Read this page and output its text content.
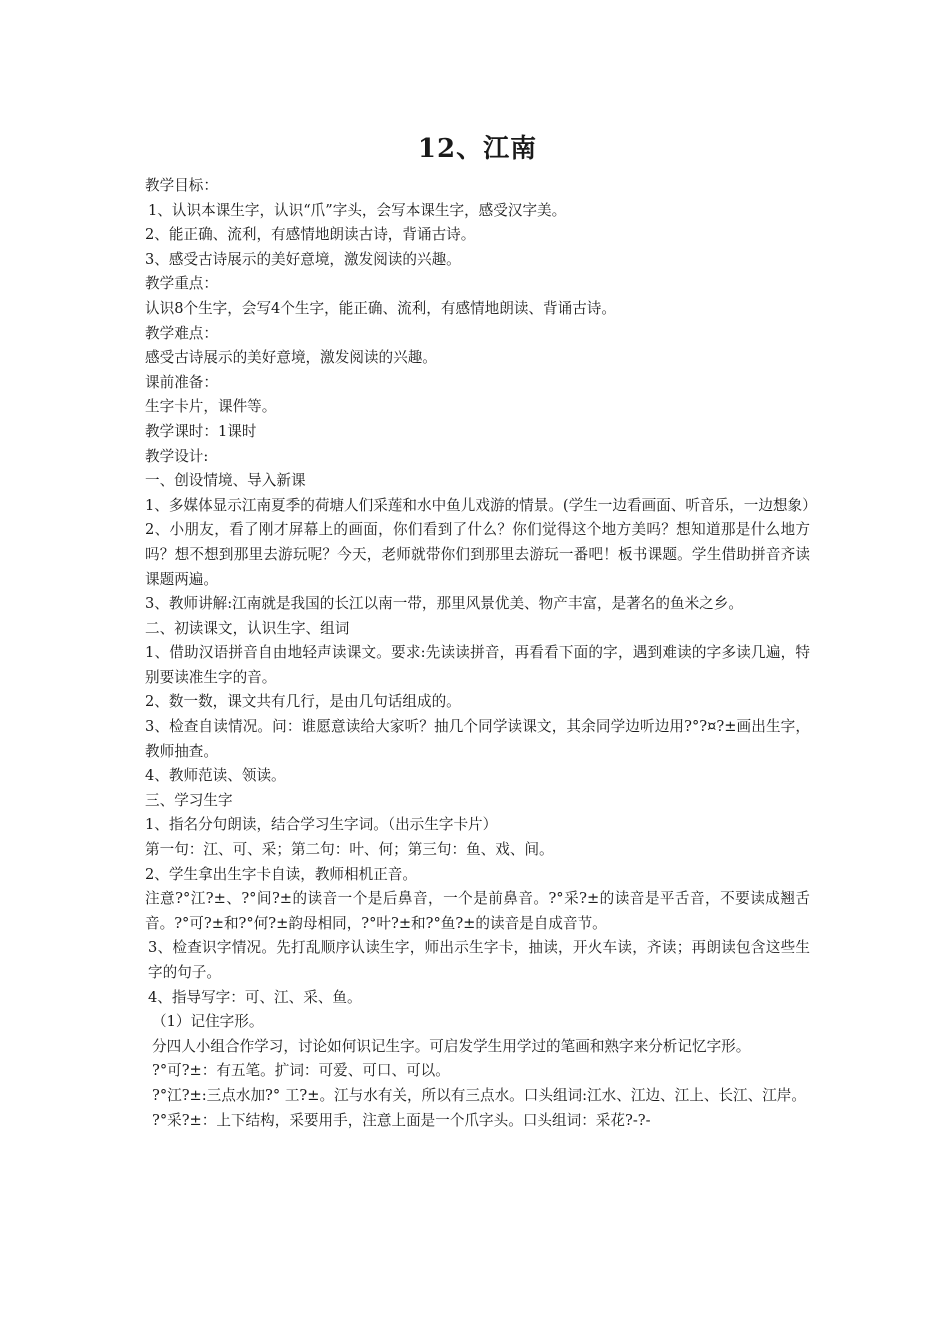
12、江南

教学目标：

1、认识本课生字，认识“爪”字头，会写本课生字，感受汉字美。

2、能正确、流利，有感情地朗读古诗，背诵古诗。

3、感受古诗展示的美好意境，激发阅读的兴趣。

教学重点：

认识8个生字，会写4个生字，能正确、流利，有感情地朗读、背诵古诗。

教学难点：

感受古诗展示的美好意境，激发阅读的兴趣。

课前准备：

生字卡片，课件等。

教学课时：1课时

教学设计:

一、创设情境、导入新课

1、多媒体显示江南夏季的荷塘人们采莲和水中鱼儿戏游的情景。(学生一边看画面、听音乐，一边想象）

2、小朋友，看了刚才屏幕上的画面，你们看到了什么？你们觉得这个地方美吗？想知道那是什么地方吗？想不想到那里去游玩呢？今天，老师就带你们到那里去游玩一番吧！板书课题。学生借助拼音齐读课题两遍。

3、教师讲解:江南就是我国的长江以南一带，那里风景优美、物产丰富，是著名的鱼米之乡。

二、初读课文，认识生字、组词

1、借助汉语拼音自由地轻声读课文。要求:先读读拼音，再看看下面的字，遇到难读的字多读几遍，特别要读准生字的音。

2、数一数，课文共有几行，是由几句话组成的。

3、检查自读情况。问：谁愿意读给大家听？抽几个同学读课文，其余同学边听边用?°?¤?±画出生字，教师抽查。

4、教师范读、领读。

三、学习生字

1、指名分句朗读，结合学习生字词。（出示生字卡片）

第一句：江、可、采；第二句：叶、何；第三句：鱼、戏、间。

2、学生拿出生字卡自读，教师相机正音。

注意?°江?±、?°间?±的读音一个是后鼻音，一个是前鼻音。?°采?±的读音是平舌音，不要读成翘舌音。?°可?±和?°何?±韵母相同，?°叶?±和?°鱼?±的读音是自成音节。

3、检查识字情况。先打乱顺序认读生字，师出示生字卡，抽读，开火车读，齐读；再朗读包含这些生字的句子。

4、指导写字：可、江、采、鱼。

（1）记住字形。

分四人小组合作学习，讨论如何识记生字。可启发学生用学过的笔画和熟字来分析记忆字形。

?°可?±：有五笔。扩词：可爱、可口、可以。

?°江?±:三点水加?° 工?±。江与水有关，所以有三点水。口头组词:江水、江边、江上、长江、江岸。

?°采?±：上下结构，采要用手，注意上面是一个爪字头。口头组词：采花?-?-
